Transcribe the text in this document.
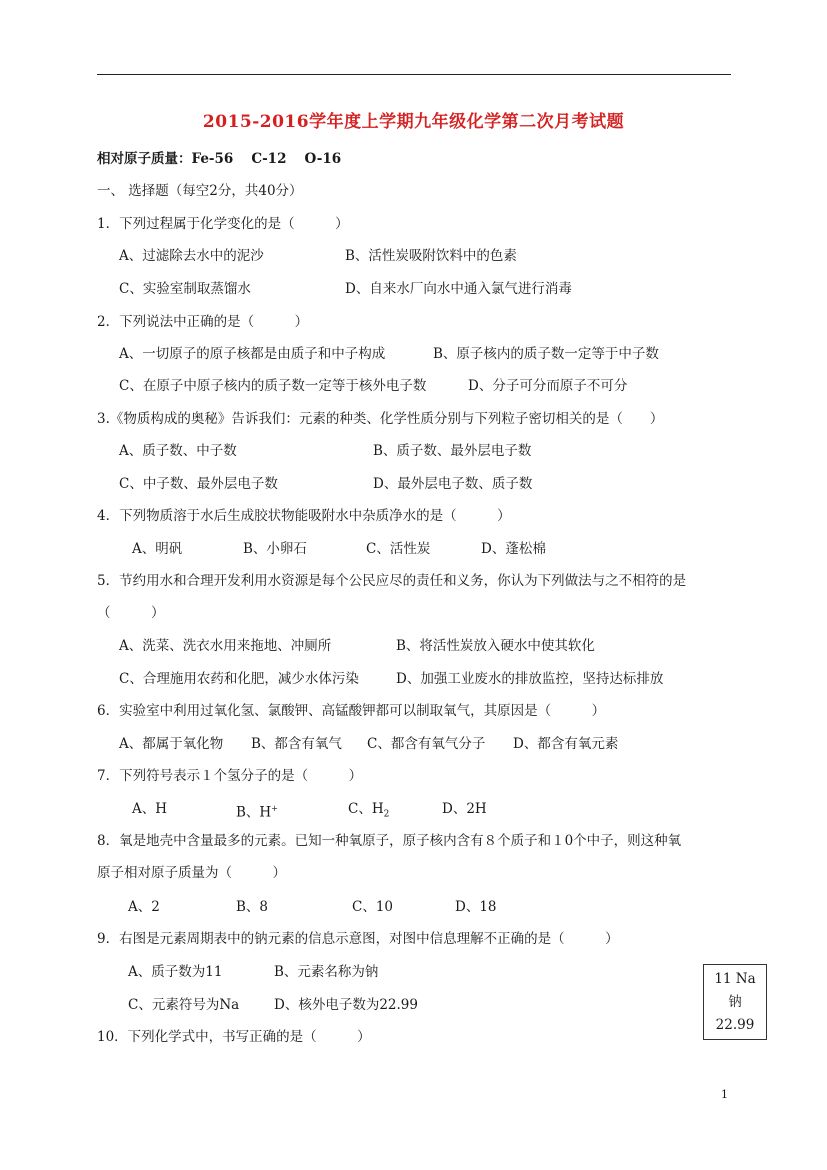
2015-2016学年度上学期九年级化学第二次月考试题
相对原子质量：Fe-56 C-12 O-16
一、 选择题（每空2分，共40分）
1．下列过程属于化学变化的是（　　　）
A、过滤除去水中的泥沙	B、活性炭吸附饮料中的色素
C、实验室制取蒸馏水	D、自来水厂向水中通入氯气进行消毒
2．下列说法中正确的是（　　　）
A、一切原子的原子核都是由质子和中子构成	B、原子核内的质子数一定等于中子数
C、在原子中原子核内的质子数一定等于核外电子数	D、分子可分而原子不可分
3.《物质构成的奥秘》告诉我们：元素的种类、化学性质分别与下列粒子密切相关的是（　　）
A、质子数、中子数	B、质子数、最外层电子数
C、中子数、最外层电子数	D、最外层电子数、质子数
4．下列物质溶于水后生成胶状物能吸附水中杂质净水的是（　　　）
A、明矾	B、小卵石	C、活性炭	D、蓬松棉
5．节约用水和合理开发利用水资源是每个公民应尽的责任和义务，你认为下列做法与之不相符的是
（　　　）
A、洗菜、洗衣水用来拖地、冲厕所	B、将活性炭放入硬水中使其软化
C、合理施用农药和化肥，减少水体污染	D、加强工业废水的排放监控，坚持达标排放
6．实验室中利用过氧化氢、氯酸钾、高锰酸钾都可以制取氧气，其原因是（　　　）
A、都属于氧化物 B、都含有氧气 C、都含有氧气分子 D、都含有氧元素
7．下列符号表示１个氢分子的是（　　　）
A、H	B、H+	C、$H_2$	D、2H
8．氧是地壳中含量最多的元素。已知一种氧原子，原子核内含有８个质子和１0个中子，则这种氧
原子相对原子质量为（　　　）
A、2	B、8	C、10	D、18
9．右图是元素周期表中的钠元素的信息示意图，对图中信息理解不正确的是（　　　）
A、质子数为11	B、元素名称为钠
C、元素符号为Na	D、核外电子数为22.99
11 Na
钠
22.99
10．下列化学式中，书写正确的是（　　　）
1
